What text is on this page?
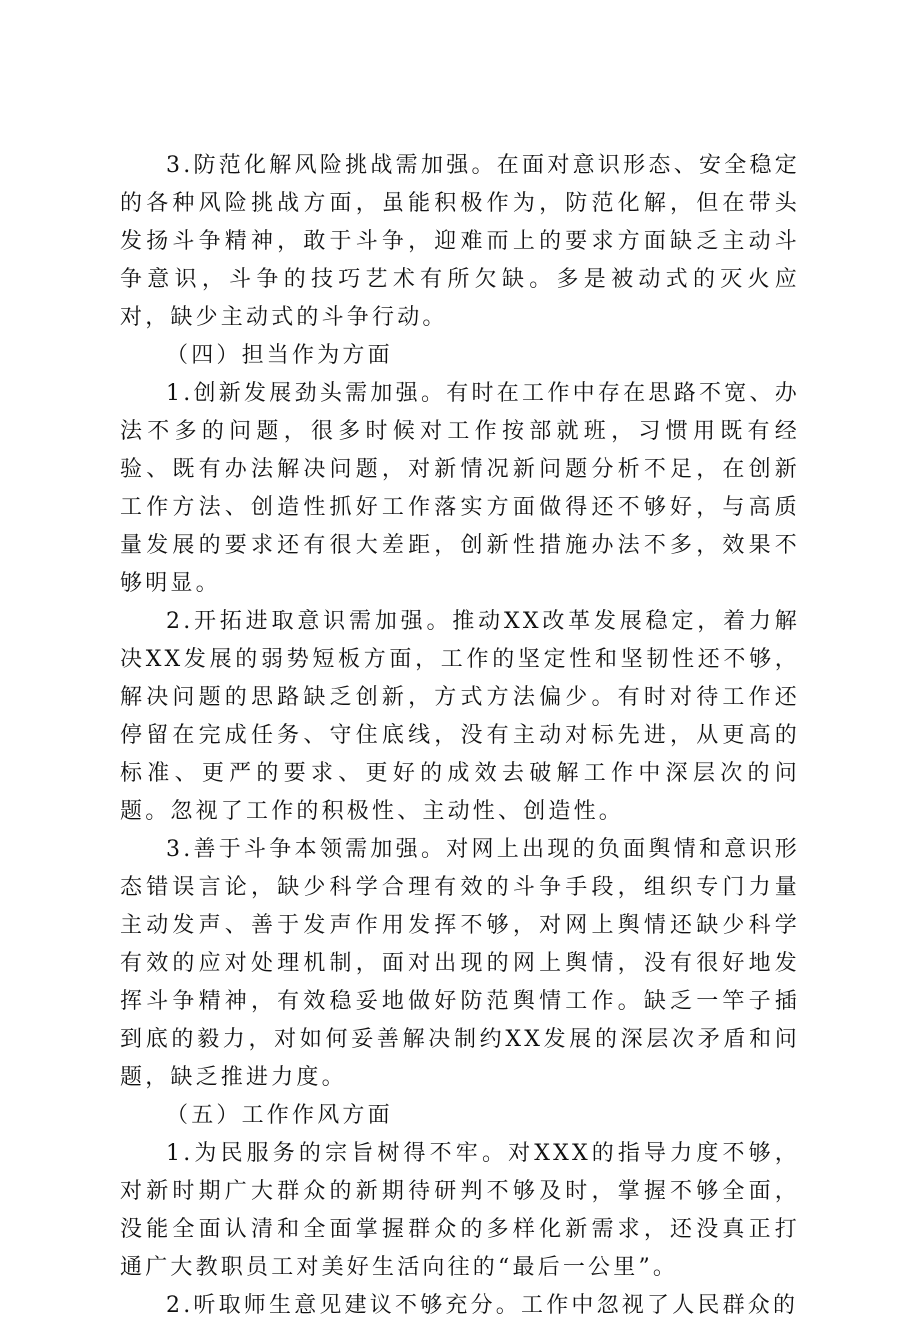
3.防范化解风险挑战需加强。在面对意识形态、安全稳定的各种风险挑战方面，虽能积极作为，防范化解，但在带头发扬斗争精神，敢于斗争，迎难而上的要求方面缺乏主动斗争意识，斗争的技巧艺术有所欠缺。多是被动式的灭火应对，缺少主动式的斗争行动。

（四）担当作为方面

1.创新发展劲头需加强。有时在工作中存在思路不宽、办法不多的问题，很多时候对工作按部就班，习惯用既有经验、既有办法解决问题，对新情况新问题分析不足，在创新工作方法、创造性抓好工作落实方面做得还不够好，与高质量发展的要求还有很大差距，创新性措施办法不多，效果不够明显。

2.开拓进取意识需加强。推动XX改革发展稳定，着力解决XX发展的弱势短板方面，工作的坚定性和坚韧性还不够，解决问题的思路缺乏创新，方式方法偏少。有时对待工作还停留在完成任务、守住底线，没有主动对标先进，从更高的标准、更严的要求、更好的成效去破解工作中深层次的问题。忽视了工作的积极性、主动性、创造性。

3.善于斗争本领需加强。对网上出现的负面舆情和意识形态错误言论，缺少科学合理有效的斗争手段，组织专门力量主动发声、善于发声作用发挥不够，对网上舆情还缺少科学有效的应对处理机制，面对出现的网上舆情，没有很好地发挥斗争精神，有效稳妥地做好防范舆情工作。缺乏一竿子插到底的毅力，对如何妥善解决制约XX发展的深层次矛盾和问题，缺乏推进力度。

（五）工作作风方面

1.为民服务的宗旨树得不牢。对XXX的指导力度不够，对新时期广大群众的新期待研判不够及时，掌握不够全面，没能全面认清和全面掌握群众的多样化新需求，还没真正打通广大教职员工对美好生活向往的“最后一公里”。

2.听取师生意见建议不够充分。工作中忽视了人民群众的
